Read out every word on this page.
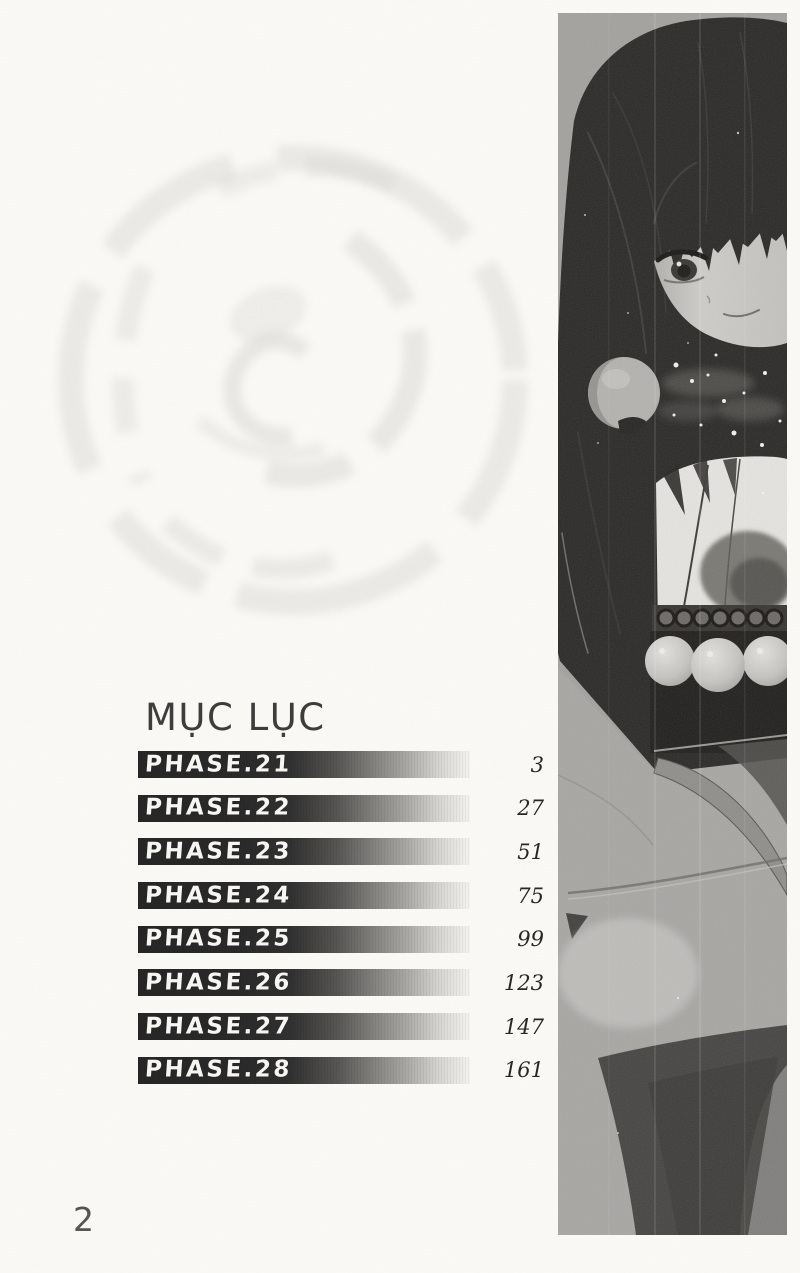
MỤC LỤC
PHASE.21	3
PHASE.22	27
PHASE.23	51
PHASE.24	75
PHASE.25	99
PHASE.26	123
PHASE.27	147
PHASE.28	161
2
